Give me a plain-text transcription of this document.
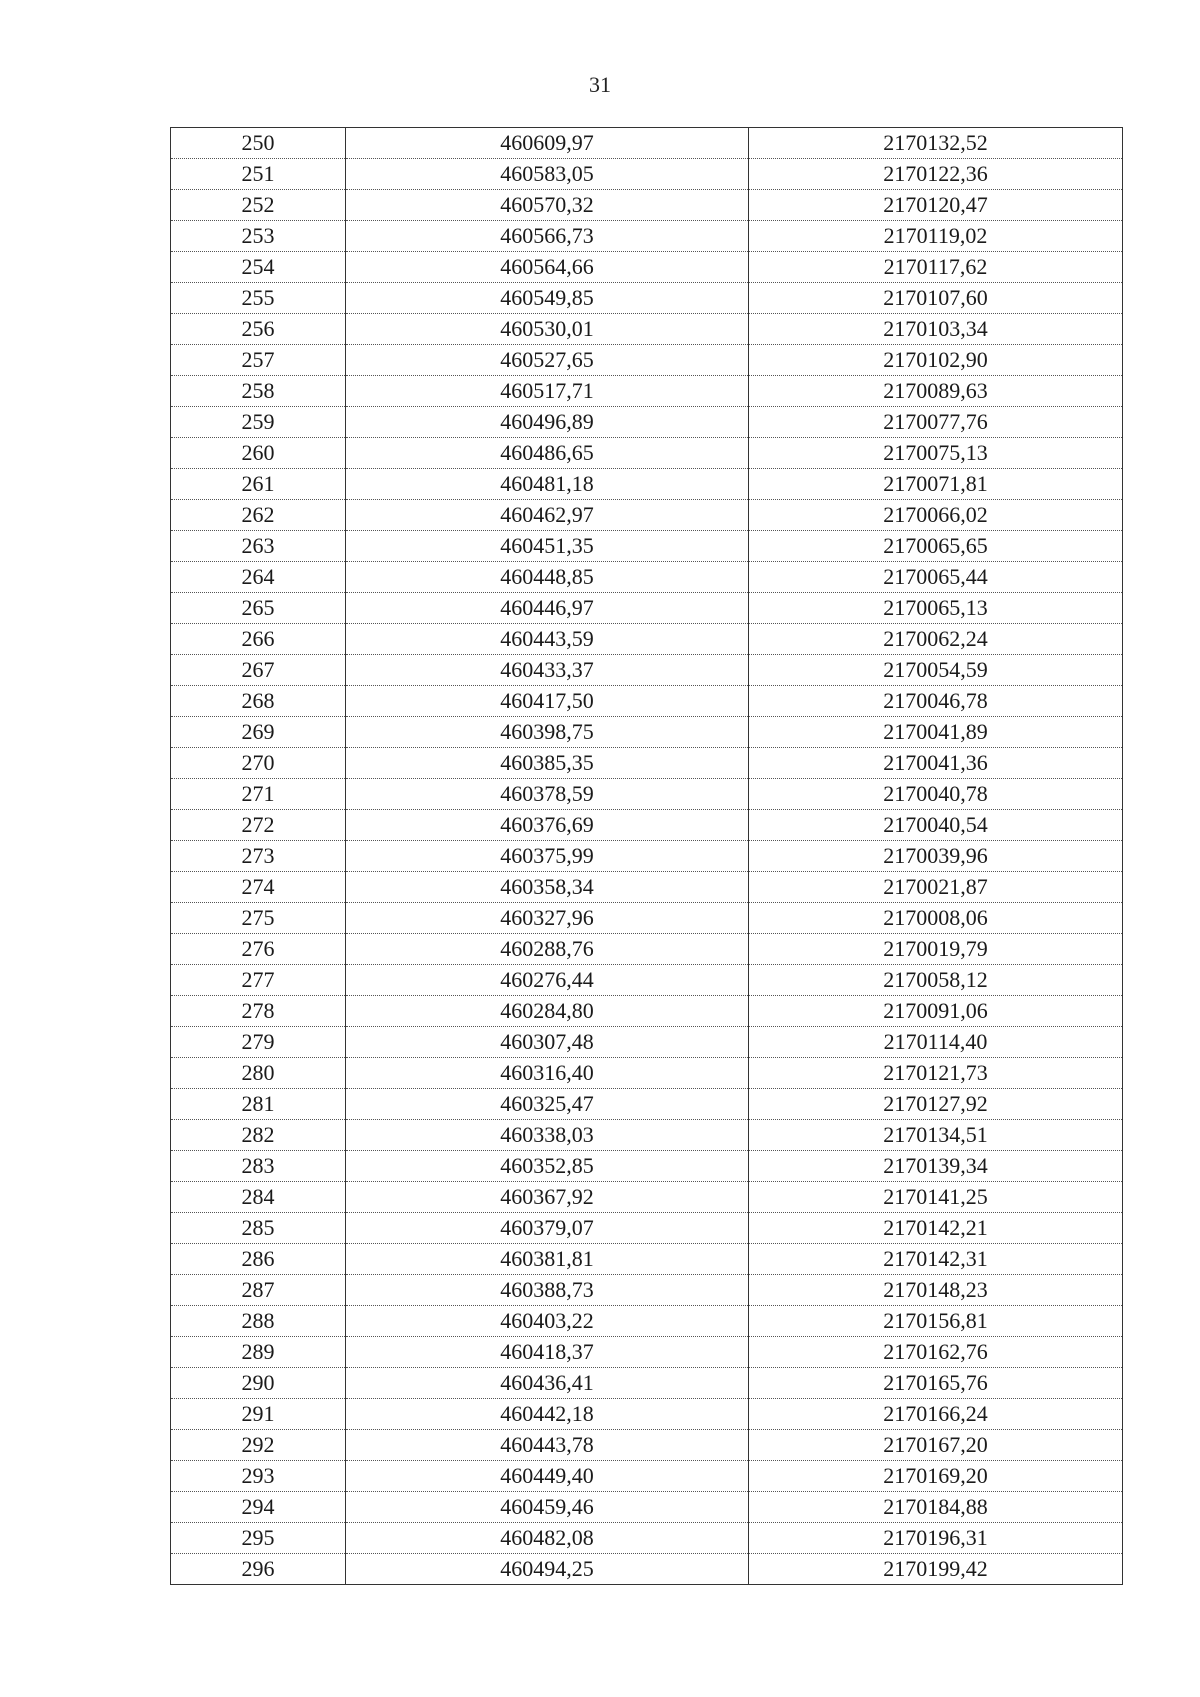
31
250	460609,97	2170132,52
251	460583,05	2170122,36
252	460570,32	2170120,47
253	460566,73	2170119,02
254	460564,66	2170117,62
255	460549,85	2170107,60
256	460530,01	2170103,34
257	460527,65	2170102,90
258	460517,71	2170089,63
259	460496,89	2170077,76
260	460486,65	2170075,13
261	460481,18	2170071,81
262	460462,97	2170066,02
263	460451,35	2170065,65
264	460448,85	2170065,44
265	460446,97	2170065,13
266	460443,59	2170062,24
267	460433,37	2170054,59
268	460417,50	2170046,78
269	460398,75	2170041,89
270	460385,35	2170041,36
271	460378,59	2170040,78
272	460376,69	2170040,54
273	460375,99	2170039,96
274	460358,34	2170021,87
275	460327,96	2170008,06
276	460288,76	2170019,79
277	460276,44	2170058,12
278	460284,80	2170091,06
279	460307,48	2170114,40
280	460316,40	2170121,73
281	460325,47	2170127,92
282	460338,03	2170134,51
283	460352,85	2170139,34
284	460367,92	2170141,25
285	460379,07	2170142,21
286	460381,81	2170142,31
287	460388,73	2170148,23
288	460403,22	2170156,81
289	460418,37	2170162,76
290	460436,41	2170165,76
291	460442,18	2170166,24
292	460443,78	2170167,20
293	460449,40	2170169,20
294	460459,46	2170184,88
295	460482,08	2170196,31
296	460494,25	2170199,42
